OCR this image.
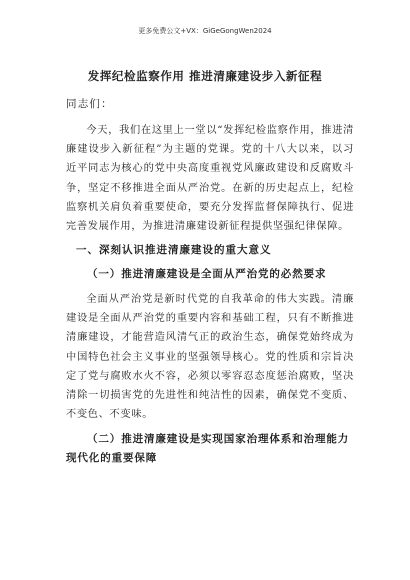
更多免费公文+VX：GiGeGongWen2024
发挥纪检监察作用 推进清廉建设步入新征程
同志们：

今天，我们在这里上一堂以“发挥纪检监察作用，推进清廉建设步入新征程”为主题的党课。党的十八大以来，以习近平同志为核心的党中央高度重视党风廉政建设和反腐败斗争，坚定不移推进全面从严治党。在新的历史起点上，纪检监察机关肩负着重要使命，要充分发挥监督保障执行、促进完善发展作用，为推进清廉建设新征程提供坚强纪律保障。

一、深刻认识推进清廉建设的重大意义
（一）推进清廉建设是全面从严治党的必然要求

全面从严治党是新时代党的自我革命的伟大实践。清廉建设是全面从严治党的重要内容和基础工程，只有不断推进清廉建设，才能营造风清气正的政治生态，确保党始终成为中国特色社会主义事业的坚强领导核心。党的性质和宗旨决定了党与腐败水火不容，必须以零容忍态度惩治腐败，坚决清除一切损害党的先进性和纯洁性的因素，确保党不变质、不变色、不变味。

（二）推进清廉建设是实现国家治理体系和治理能力现代化的重要保障
